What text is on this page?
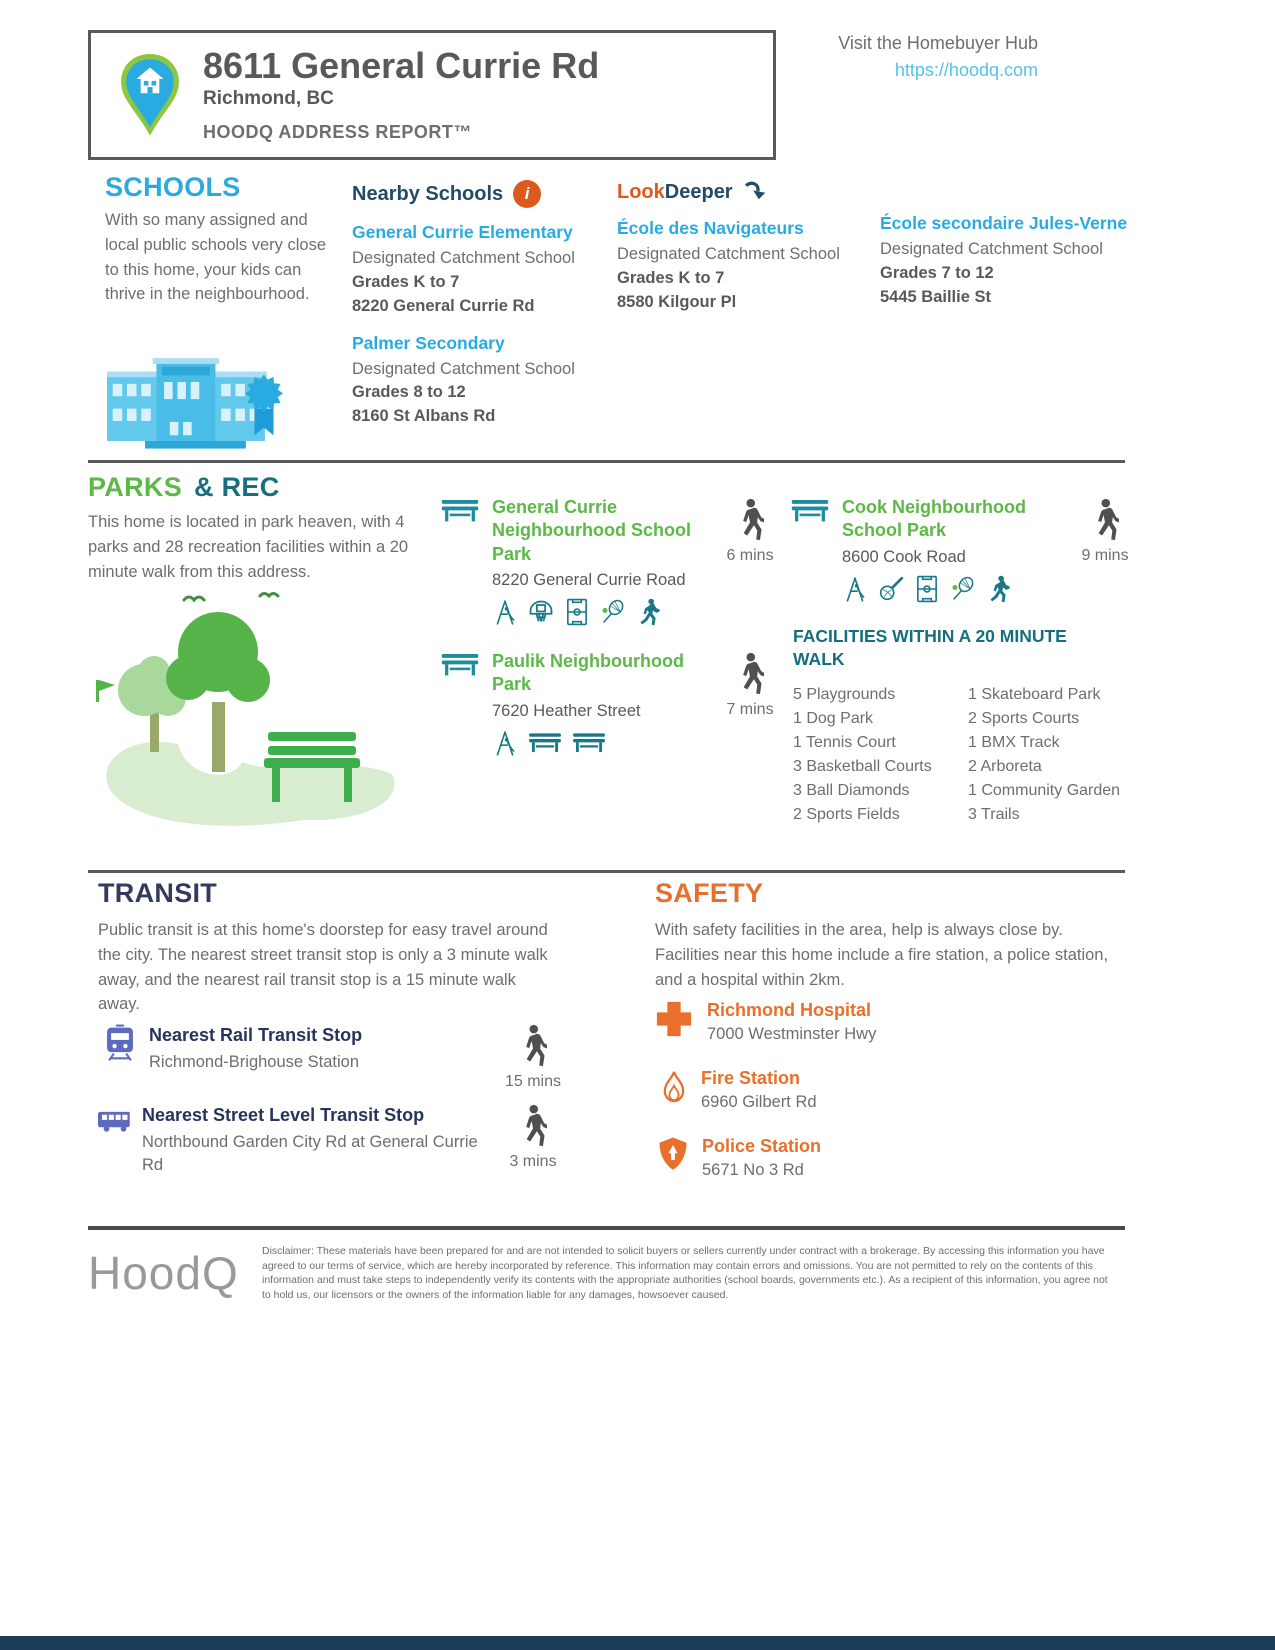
8611 General Currie Rd
Richmond, BC
HOODQ ADDRESS REPORT™
Visit the Homebuyer Hub
https://hoodq.com
SCHOOLS
With so many assigned and local public schools very close to this home, your kids can thrive in the neighbourhood.
Nearby Schools	i
General Currie Elementary
Designated Catchment School
Grades K to 7
8220 General Currie Rd
Palmer Secondary
Designated Catchment School
Grades 8 to 12
8160 St Albans Rd
LookDeeper
École des Navigateurs
Designated Catchment School
Grades K to 7
8580 Kilgour Pl
École secondaire Jules-Verne
Designated Catchment School
Grades 7 to 12
5445 Baillie St
PARKS & REC
This home is located in park heaven, with 4 parks and 28 recreation facilities within a 20 minute walk from this address.
General Currie Neighbourhood School Park
8220 General Currie Road
6 mins
Paulik Neighbourhood Park
7620 Heather Street	7 mins
Cook Neighbourhood School Park
8600 Cook Road	9 mins
FACILITIES WITHIN A 20 MINUTE WALK
5 Playgrounds
1 Dog Park
1 Tennis Court
3 Basketball Courts
3 Ball Diamonds
2 Sports Fields
1 Skateboard Park
2 Sports Courts
1 BMX Track
2 Arboreta
1 Community Garden
3 Trails
TRANSIT
Public transit is at this home's doorstep for easy travel around the city. The nearest street transit stop is only a 3 minute walk away, and the nearest rail transit stop is a 15 minute walk away.
Nearest Rail Transit Stop
Richmond-Brighouse Station
15 mins
Nearest Street Level Transit Stop
Northbound Garden City Rd at General Currie Rd	3 mins
SAFETY
With safety facilities in the area, help is always close by. Facilities near this home include a fire station, a police station, and a hospital within 2km.
Richmond Hospital
7000 Westminster Hwy
Fire Station
6960 Gilbert Rd
Police Station
5671 No 3 Rd
HoodQ Disclaimer: These materials have been prepared for and are not intended to solicit buyers or sellers currently under contract with a brokerage. By accessing this information you have agreed to our terms of service, which are hereby incorporated by reference. This information may contain errors and omissions. You are not permitted to rely on the contents of this information and must take steps to independently verify its contents with the appropriate authorities (school boards, governments etc.). As a recipient of this information, you agree not to hold us, our licensors or the owners of the information liable for any damages, howsoever caused.
